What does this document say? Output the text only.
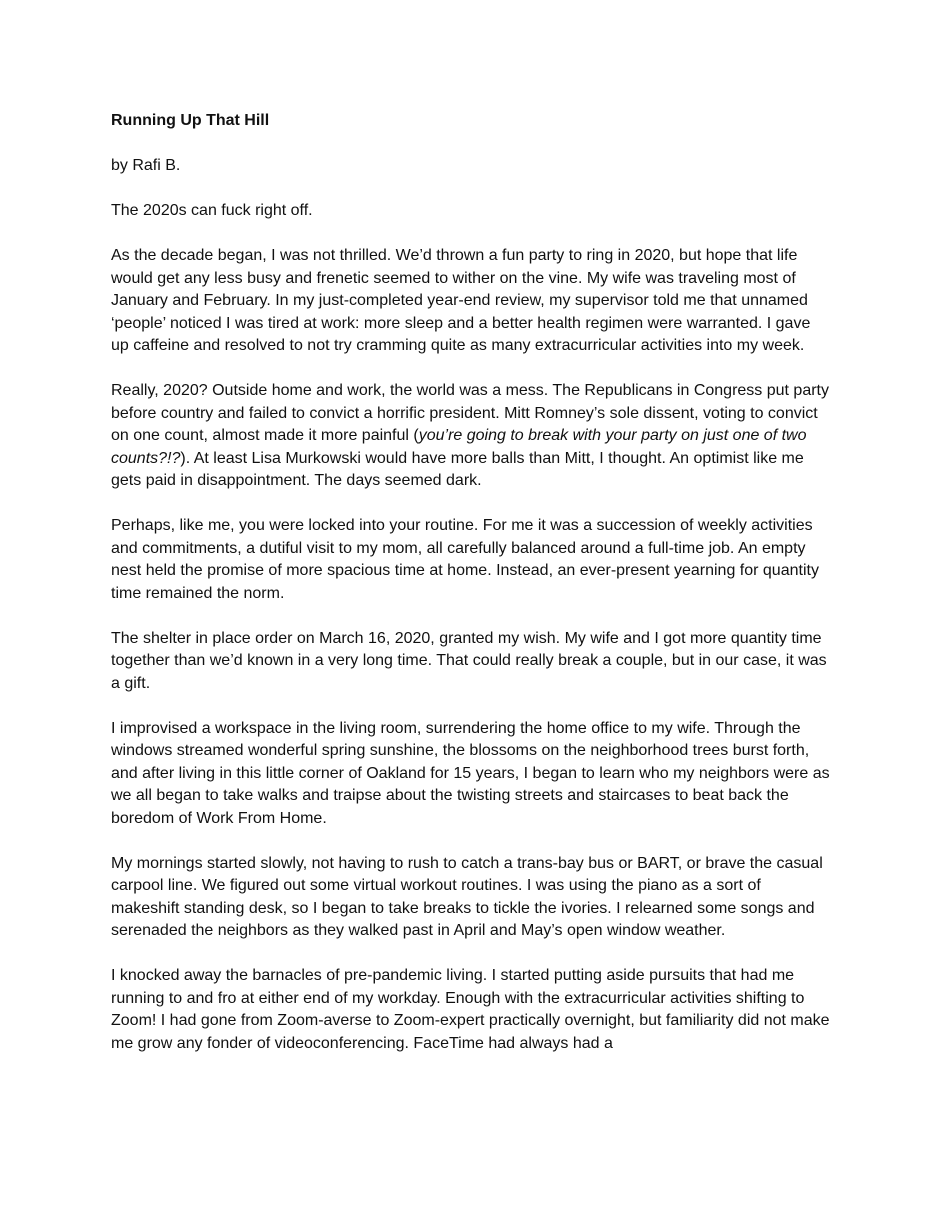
Running Up That Hill
by Rafi B.
The 2020s can fuck right off.
As the decade began, I was not thrilled. We’d thrown a fun party to ring in 2020, but hope that life would get any less busy and frenetic seemed to wither on the vine. My wife was traveling most of January and February. In my just-completed year-end review, my supervisor told me that unnamed ‘people’ noticed I was tired at work: more sleep and a better health regimen were warranted. I gave up caffeine and resolved to not try cramming quite as many extracurricular activities into my week.
Really, 2020? Outside home and work, the world was a mess. The Republicans in Congress put party before country and failed to convict a horrific president. Mitt Romney’s sole dissent, voting to convict on one count, almost made it more painful (you’re going to break with your party on just one of two counts?!?). At least Lisa Murkowski would have more balls than Mitt, I thought. An optimist like me gets paid in disappointment. The days seemed dark.
Perhaps, like me, you were locked into your routine. For me it was a succession of weekly activities and commitments, a dutiful visit to my mom, all carefully balanced around a full-time job. An empty nest held the promise of more spacious time at home. Instead, an ever-present yearning for quantity time remained the norm.
The shelter in place order on March 16, 2020, granted my wish. My wife and I got more quantity time together than we’d known in a very long time. That could really break a couple, but in our case, it was a gift.
I improvised a workspace in the living room, surrendering the home office to my wife. Through the windows streamed wonderful spring sunshine, the blossoms on the neighborhood trees burst forth, and after living in this little corner of Oakland for 15 years, I began to learn who my neighbors were as we all began to take walks and traipse about the twisting streets and staircases to beat back the boredom of Work From Home.
My mornings started slowly, not having to rush to catch a trans-bay bus or BART, or brave the casual carpool line. We figured out some virtual workout routines. I was using the piano as a sort of makeshift standing desk, so I began to take breaks to tickle the ivories. I relearned some songs and serenaded the neighbors as they walked past in April and May’s open window weather.
I knocked away the barnacles of pre-pandemic living. I started putting aside pursuits that had me running to and fro at either end of my workday. Enough with the extracurricular activities shifting to Zoom! I had gone from Zoom-averse to Zoom-expert practically overnight, but familiarity did not make me grow any fonder of videoconferencing. FaceTime had always had a
